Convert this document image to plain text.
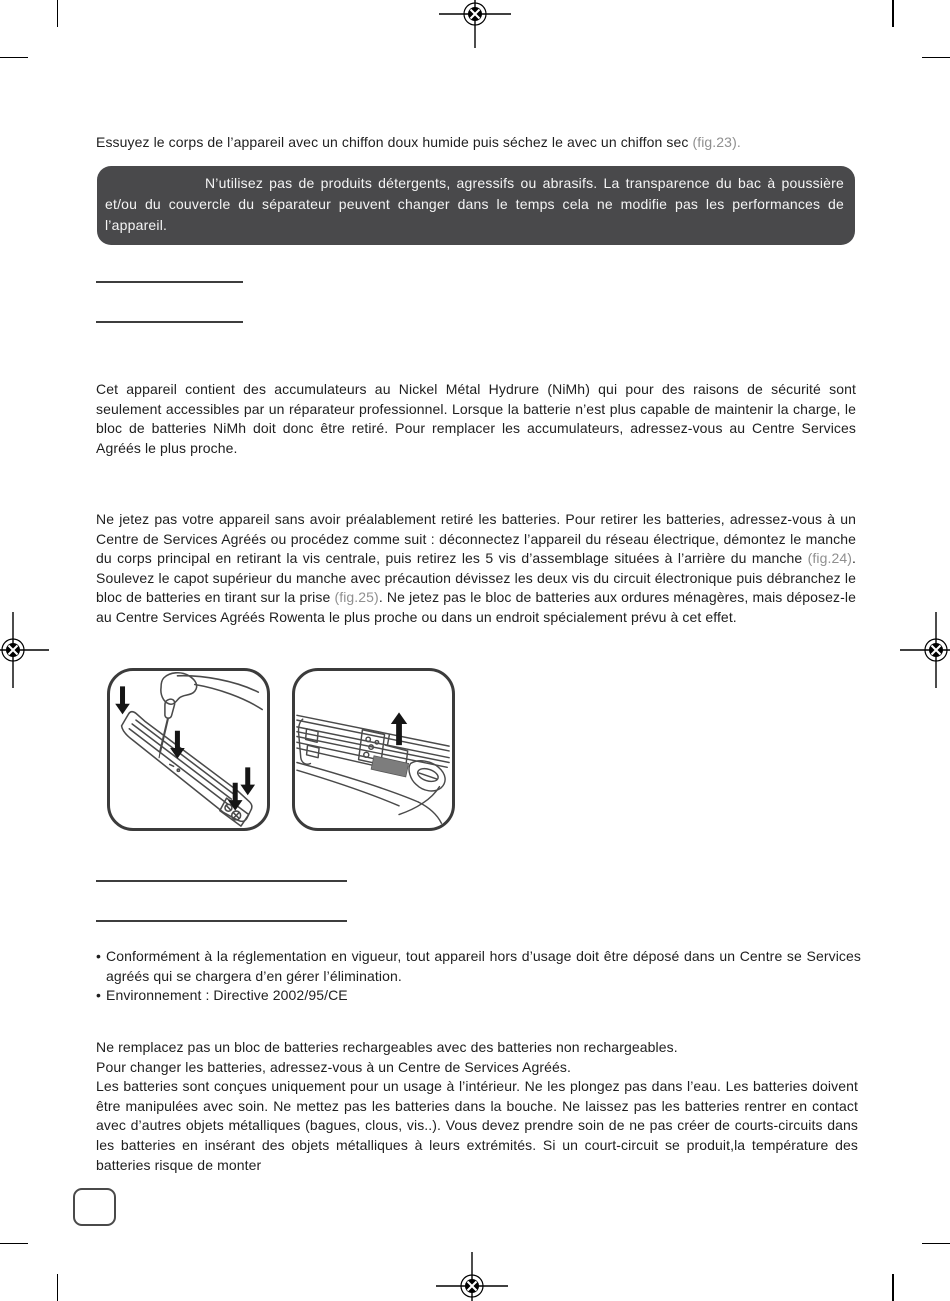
Essuyez le corps de l’appareil avec un chiffon doux humide puis séchez le avec un chiffon sec (fig.23).

N’utilisez pas de produits détergents, agressifs ou abrasifs. La transparence du bac à poussière et/ou du couvercle du séparateur peuvent changer dans le temps cela ne modifie pas les performances de l’appareil.

Cet appareil contient des accumulateurs au Nickel Métal Hydrure (NiMh) qui pour des raisons de sécurité sont seulement accessibles par un réparateur professionnel. Lorsque la batterie n’est plus capable de maintenir la charge, le bloc de batteries NiMh doit donc être retiré. Pour remplacer les accumulateurs, adressez-vous au Centre Services Agréés le plus proche.

Ne jetez pas votre appareil sans avoir préalablement retiré les batteries. Pour retirer les batteries, adressez-vous à un Centre de Services Agréés ou procédez comme suit : déconnectez l’appareil du réseau électrique, démontez le manche du corps principal en retirant la vis centrale, puis retirez les 5 vis d’assemblage situées à l’arrière du manche (fig.24). Soulevez le capot supérieur du manche avec précaution dévissez les deux vis du circuit électronique puis débranchez le bloc de batteries en tirant sur la prise (fig.25). Ne jetez pas le bloc de batteries aux ordures ménagères, mais déposez-le au Centre Services Agréés Rowenta le plus proche ou dans un endroit spécialement prévu à cet effet.

• Conformément à la réglementation en vigueur, tout appareil hors d’usage doit être déposé dans un Centre se Services agréés qui se chargera d’en gérer l’élimination.

• Environnement : Directive 2002/95/CE

Ne remplacez pas un bloc de batteries rechargeables avec des batteries non rechargeables.

Pour changer les batteries, adressez-vous à un Centre de Services Agréés.

Les batteries sont conçues uniquement pour un usage à l’intérieur. Ne les plongez pas dans l’eau. Les batteries doivent être manipulées avec soin. Ne mettez pas les batteries dans la bouche. Ne laissez pas les batteries rentrer en contact avec d’autres objets métalliques (bagues, clous, vis..). Vous devez prendre soin de ne pas créer de courts-circuits dans les batteries en insérant des objets métalliques à leurs extrémités. Si un court-circuit se produit,la température des batteries risque de monter
